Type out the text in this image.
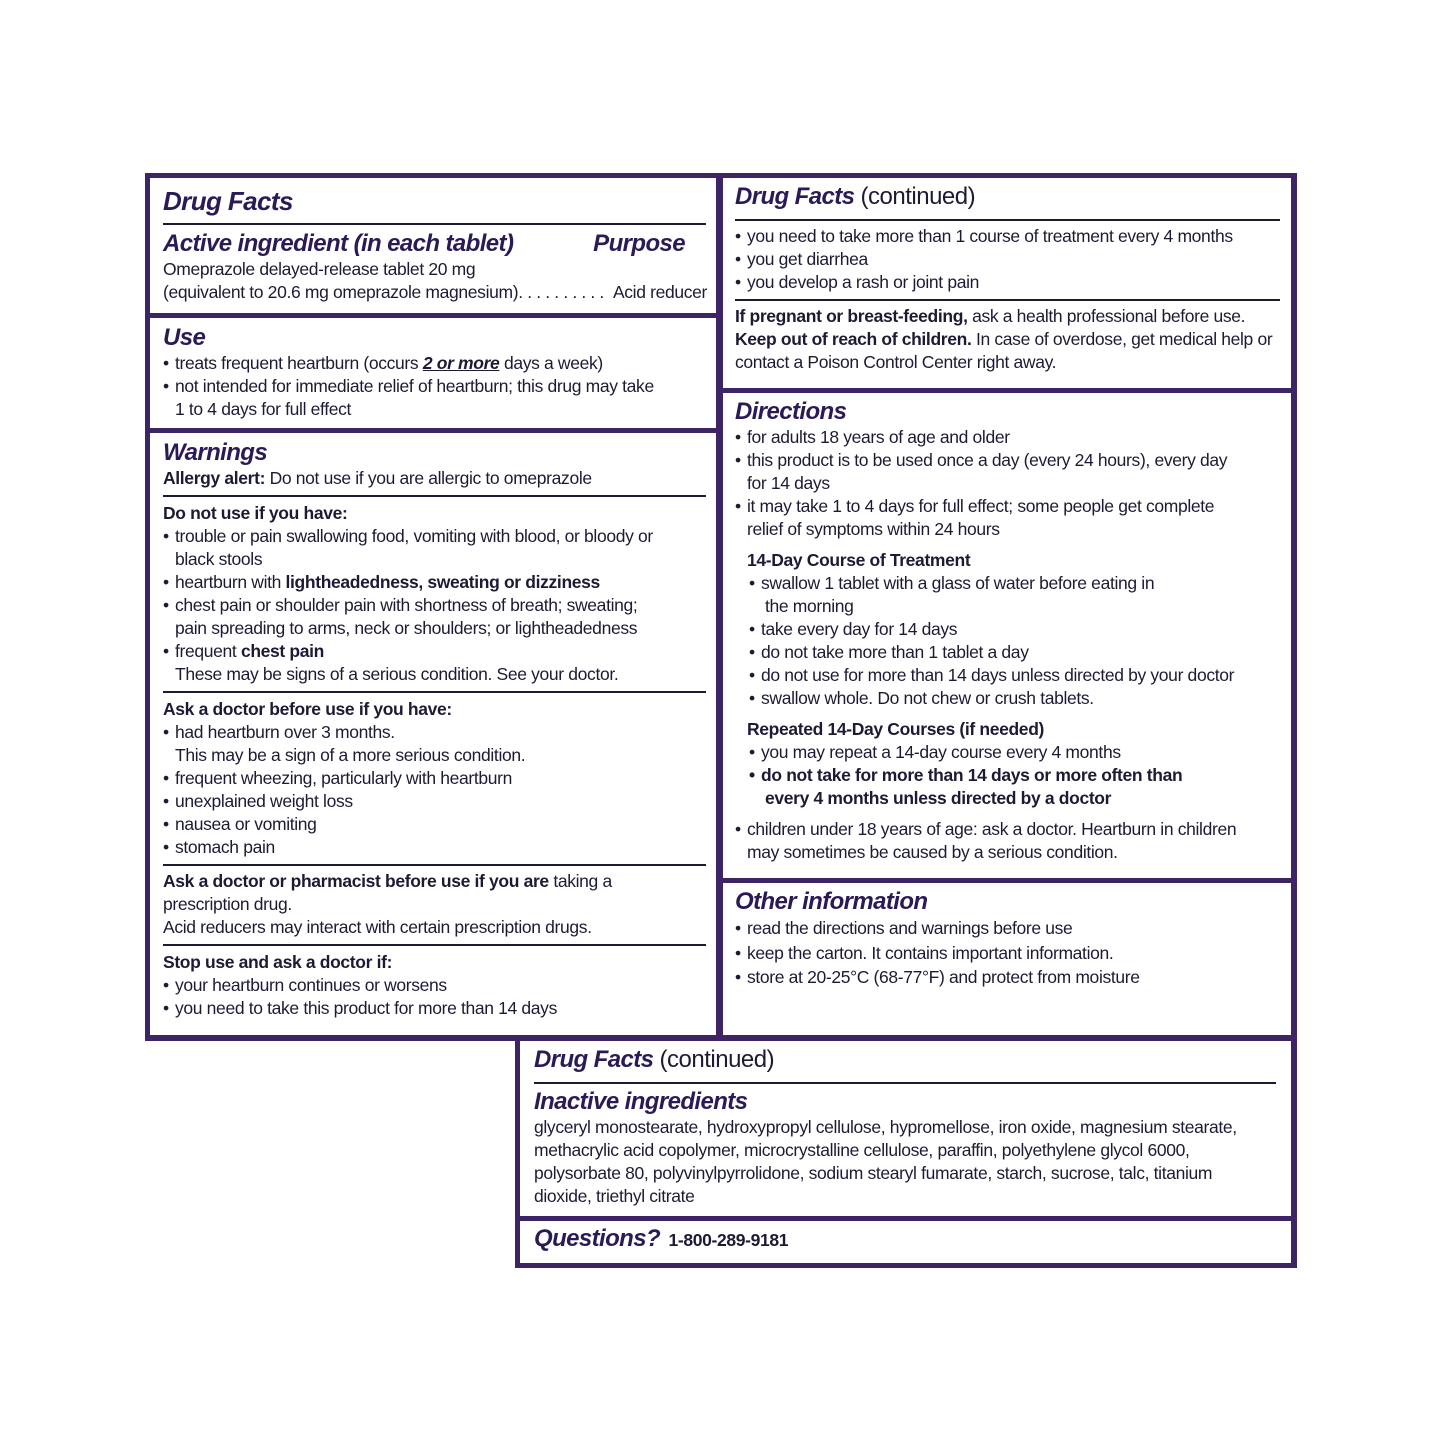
Drug Facts
Active ingredient (in each tablet)	Purpose
Omeprazole delayed-release tablet 20 mg
(equivalent to 20.6 mg omeprazole magnesium). . . . . . . . . . Acid reducer
Use
• treats frequent heartburn (occurs 2 or more days a week)
• not intended for immediate relief of heartburn; this drug may take
1 to 4 days for full effect
Warnings
Allergy alert: Do not use if you are allergic to omeprazole
Do not use if you have:
• trouble or pain swallowing food, vomiting with blood, or bloody or
black stools
• heartburn with lightheadedness, sweating or dizziness
• chest pain or shoulder pain with shortness of breath; sweating;
pain spreading to arms, neck or shoulders; or lightheadedness
• frequent chest pain
These may be signs of a serious condition. See your doctor.
Ask a doctor before use if you have:
• had heartburn over 3 months.
This may be a sign of a more serious condition.
• frequent wheezing, particularly with heartburn
• unexplained weight loss
• nausea or vomiting
• stomach pain
Ask a doctor or pharmacist before use if you are taking a
prescription drug.
Acid reducers may interact with certain prescription drugs.
Stop use and ask a doctor if:
• your heartburn continues or worsens
• you need to take this product for more than 14 days
Drug Facts (continued)
• you need to take more than 1 course of treatment every 4 months
• you get diarrhea
• you develop a rash or joint pain
If pregnant or breast-feeding, ask a health professional before use.
Keep out of reach of children. In case of overdose, get medical help or
contact a Poison Control Center right away.
Directions
• for adults 18 years of age and older
• this product is to be used once a day (every 24 hours), every day
for 14 days
• it may take 1 to 4 days for full effect; some people get complete
relief of symptoms within 24 hours
14-Day Course of Treatment
• swallow 1 tablet with a glass of water before eating in
the morning
• take every day for 14 days
• do not take more than 1 tablet a day
• do not use for more than 14 days unless directed by your doctor
• swallow whole. Do not chew or crush tablets.
Repeated 14-Day Courses (if needed)
• you may repeat a 14-day course every 4 months
• do not take for more than 14 days or more often than
every 4 months unless directed by a doctor
• children under 18 years of age: ask a doctor. Heartburn in children
may sometimes be caused by a serious condition.
Other information
• read the directions and warnings before use
• keep the carton. It contains important information.
• store at 20-25°C (68-77°F) and protect from moisture
Drug Facts (continued)
Inactive ingredients
glyceryl monostearate, hydroxypropyl cellulose, hypromellose, iron oxide, magnesium stearate,
methacrylic acid copolymer, microcrystalline cellulose, paraffin, polyethylene glycol 6000,
polysorbate 80, polyvinylpyrrolidone, sodium stearyl fumarate, starch, sucrose, talc, titanium
dioxide, triethyl citrate
Questions? 1-800-289-9181
